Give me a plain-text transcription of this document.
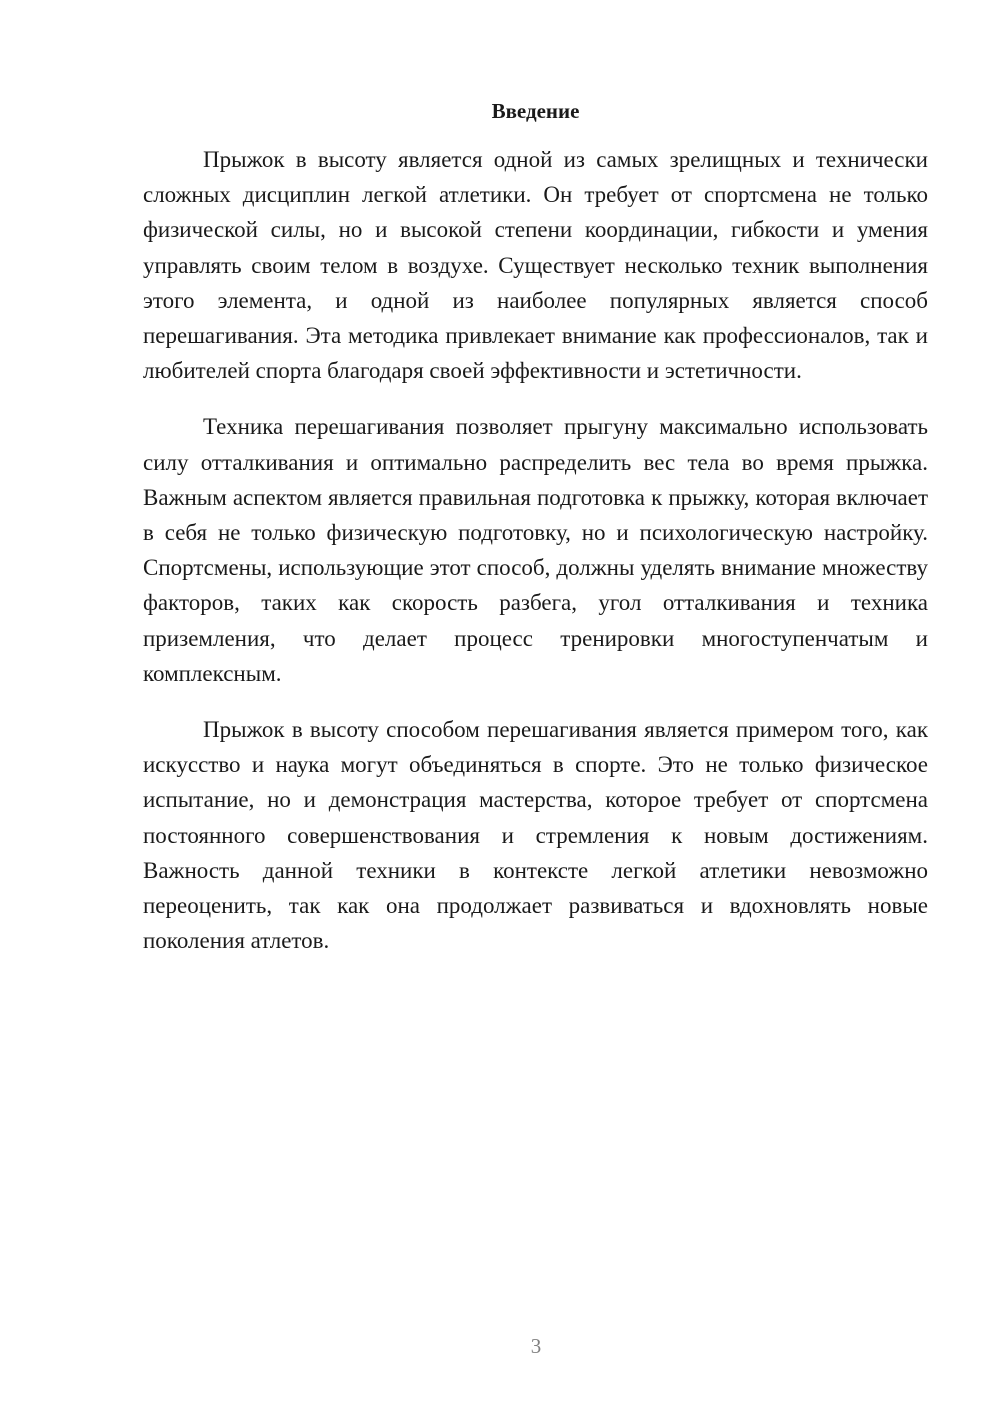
Введение

Прыжок в высоту является одной из самых зрелищных и технически сложных дисциплин легкой атлетики. Он требует от спортсмена не только физической силы, но и высокой степени координации, гибкости и умения управлять своим телом в воздухе. Существует несколько техник выполнения этого элемента, и одной из наиболее популярных является способ перешагивания. Эта методика привлекает внимание как профессионалов, так и любителей спорта благодаря своей эффективности и эстетичности.

Техника перешагивания позволяет прыгуну максимально использовать силу отталкивания и оптимально распределить вес тела во время прыжка. Важным аспектом является правильная подготовка к прыжку, которая включает в себя не только физическую подготовку, но и психологическую настройку. Спортсмены, использующие этот способ, должны уделять внимание множеству факторов, таких как скорость разбега, угол отталкивания и техника приземления, что делает процесс тренировки многоступенчатым и комплексным.

Прыжок в высоту способом перешагивания является примером того, как искусство и наука могут объединяться в спорте. Это не только физическое испытание, но и демонстрация мастерства, которое требует от спортсмена постоянного совершенствования и стремления к новым достижениям. Важность данной техники в контексте легкой атлетики невозможно переоценить, так как она продолжает развиваться и вдохновлять новые поколения атлетов.

3
